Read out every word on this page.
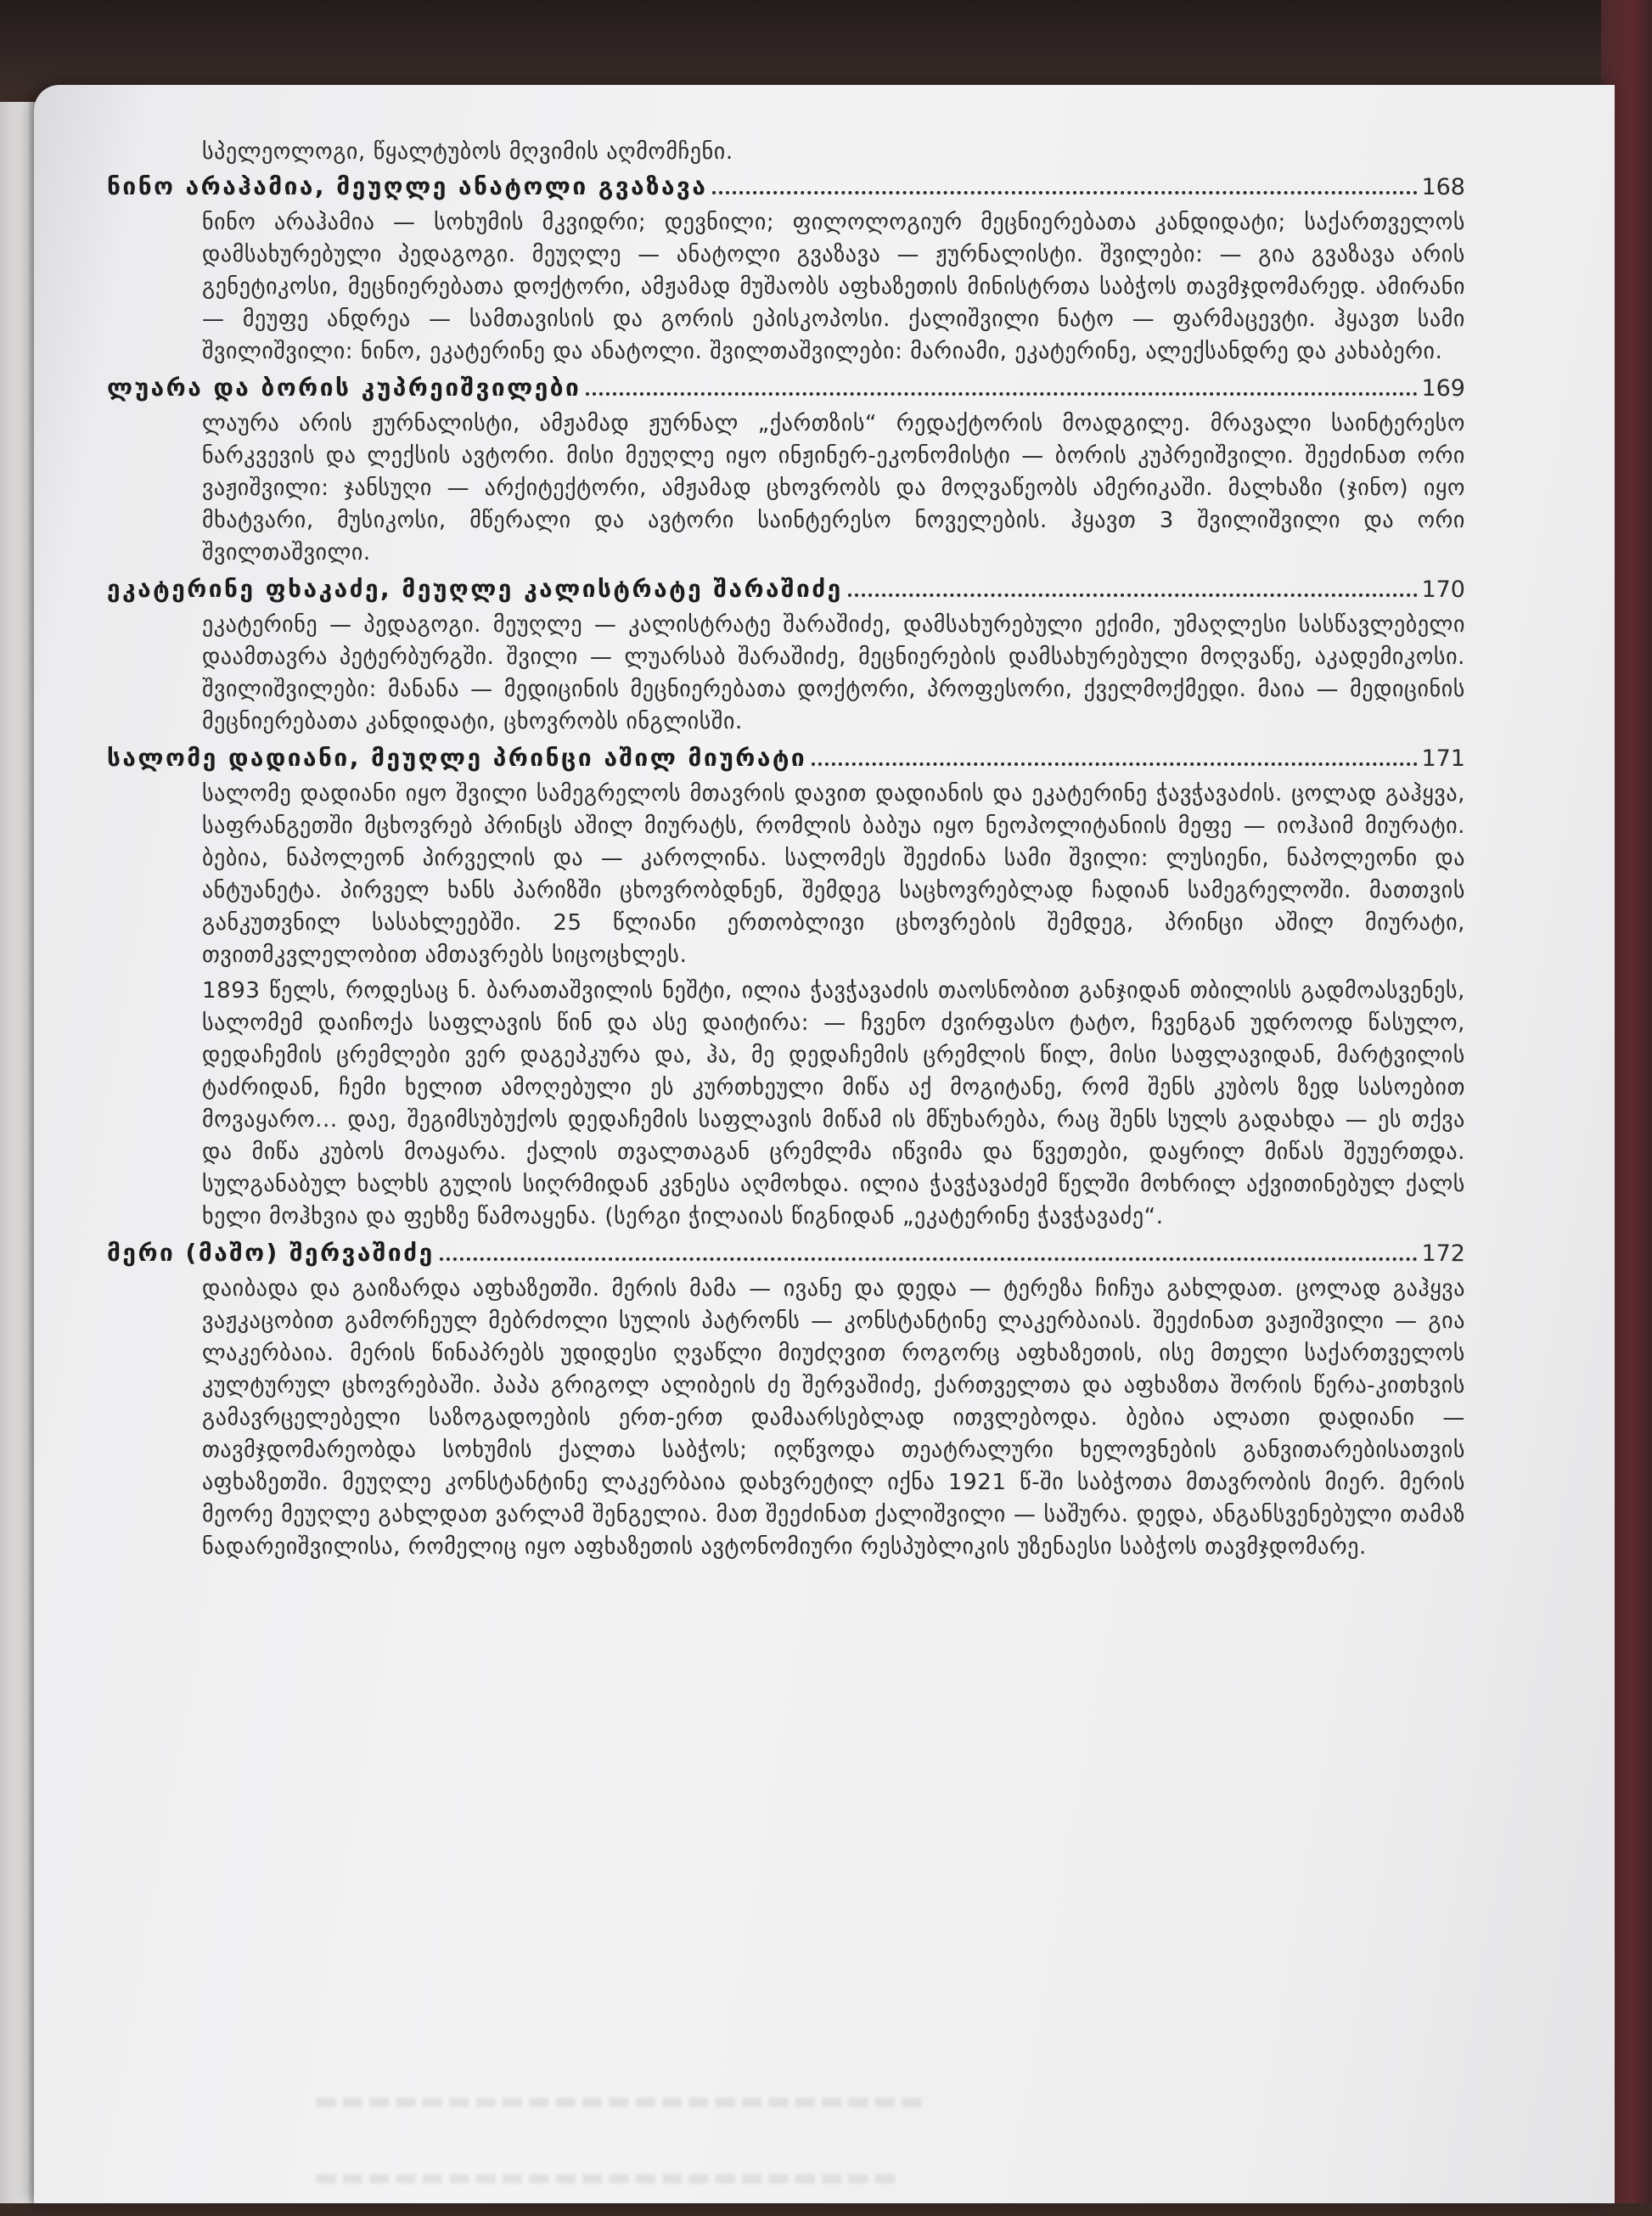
▬▬▬▬▬▬▬▬▬▬▬▬▬▬▬▬▬▬▬▬▬▬▬
▬▬▬▬▬▬▬▬▬▬▬▬▬▬▬▬▬▬▬▬▬▬
სპელეოლოგი, წყალტუბოს მღვიმის აღმომჩენი.
ნინო არაჰამია, მეუღლე ანატოლი გვაზავა	168
ნინო არაჰამია — სოხუმის მკვიდრი; დევნილი; ფილოლოგიურ მეცნიერებათა კანდიდატი; საქართველოს დამსახურებული პედაგოგი. მეუღლე — ანატოლი გვაზავა — ჟურნალისტი. შვილები: — გია გვაზავა არის გენეტიკოსი, მეცნიერებათა დოქტორი, ამჟამად მუშაობს აფხაზეთის მინისტრთა საბჭოს თავმჯდომარედ. ამირანი — მეუფე ანდრეა — სამთავისის და გორის ეპისკოპოსი. ქალიშვილი ნატო — ფარმაცევტი. ჰყავთ სამი შვილიშვილი: ნინო, ეკატერინე და ანატოლი. შვილთაშვილები: მარიამი, ეკატერინე, ალექსანდრე და კახაბერი.
ლუარა და ბორის კუპრეიშვილები	169
ლაურა არის ჟურნალისტი, ამჟამად ჟურნალ „ქართზის“ რედაქტორის მოადგილე. მრავალი საინტერესო ნარკვევის და ლექსის ავტორი. მისი მეუღლე იყო ინჟინერ-ეკონომისტი — ბორის კუპრეიშვილი. შეეძინათ ორი ვაჟიშვილი: ჯანსუღი — არქიტექტორი, ამჟამად ცხოვრობს და მოღვაწეობს ამერიკაში. მალხაზი (ჯინო) იყო მხატვარი, მუსიკოსი, მწერალი და ავტორი საინტერესო ნოველების. ჰყავთ 3 შვილიშვილი და ორი შვილთაშვილი.
ეკატერინე ფხაკაძე, მეუღლე კალისტრატე შარაშიძე	170
ეკატერინე — პედაგოგი. მეუღლე — კალისტრატე შარაშიძე, დამსახურებული ექიმი, უმაღლესი სასწავლებელი დაამთავრა პეტერბურგში. შვილი — ლუარსაბ შარაშიძე, მეცნიერების დამსახურებული მოღვაწე, აკადემიკოსი. შვილიშვილები: მანანა — მედიცინის მეცნიერებათა დოქტორი, პროფესორი, ქველმოქმედი. მაია — მედიცინის მეცნიერებათა კანდიდატი, ცხოვრობს ინგლისში.
სალომე დადიანი, მეუღლე პრინცი აშილ მიურატი	171
სალომე დადიანი იყო შვილი სამეგრელოს მთავრის დავით დადიანის და ეკატერინე ჭავჭავაძის. ცოლად გაჰყვა, საფრანგეთში მცხოვრებ პრინცს აშილ მიურატს, რომლის ბაბუა იყო ნეოპოლიტანიის მეფე — იოჰაიმ მიურატი. ბებია, ნაპოლეონ პირველის და — კაროლინა. სალომეს შეეძინა სამი შვილი: ლუსიენი, ნაპოლეონი და ანტუანეტა. პირველ ხანს პარიზში ცხოვრობდნენ, შემდეგ საცხოვრებლად ჩადიან სამეგრელოში. მათთვის განკუთვნილ სასახლეებში. 25 წლიანი ერთობლივი ცხოვრების შემდეგ, პრინცი აშილ მიურატი, თვითმკვლელობით ამთავრებს სიცოცხლეს.
1893 წელს, როდესაც ნ. ბარათაშვილის ნეშტი, ილია ჭავჭავაძის თაოსნობით განჯიდან თბილისს გადმოასვენეს, სალომემ დაიჩოქა საფლავის წინ და ასე დაიტირა: — ჩვენო ძვირფასო ტატო, ჩვენგან უდროოდ წასულო, დედაჩემის ცრემლები ვერ დაგეპკურა და, ჰა, მე დედაჩემის ცრემლის წილ, მისი საფლავიდან, მარტვილის ტაძრიდან, ჩემი ხელით ამოღებული ეს კურთხეული მიწა აქ მოგიტანე, რომ შენს კუბოს ზედ სასოებით მოვაყარო... დაე, შეგიმსუბუქოს დედაჩემის საფლავის მიწამ ის მწუხარება, რაც შენს სულს გადახდა — ეს თქვა და მიწა კუბოს მოაყარა. ქალის თვალთაგან ცრემლმა იწვიმა და წვეთები, დაყრილ მიწას შეუერთდა. სულგანაბულ ხალხს გულის სიღრმიდან კვნესა აღმოხდა. ილია ჭავჭავაძემ წელში მოხრილ აქვითინებულ ქალს ხელი მოჰხვია და ფეხზე წამოაყენა. (სერგი ჭილაიას წიგნიდან „ეკატერინე ჭავჭავაძე“.
მერი (მაშო) შერვაშიძე	172
დაიბადა და გაიზარდა აფხაზეთში. მერის მამა — ივანე და დედა — ტერეზა ჩიჩუა გახლდათ. ცოლად გაჰყვა ვაჟკაცობით გამორჩეულ მებრძოლი სულის პატრონს — კონსტანტინე ლაკერბაიას. შეეძინათ ვაჟიშვილი — გია ლაკერბაია. მერის წინაპრებს უდიდესი ღვაწლი მიუძღვით როგორც აფხაზეთის, ისე მთელი საქართველოს კულტურულ ცხოვრებაში. პაპა გრიგოლ ალიბეის ძე შერვაშიძე, ქართველთა და აფხაზთა შორის წერა-კითხვის გამავრცელებელი საზოგადოების ერთ-ერთ დამაარსებლად ითვლებოდა. ბებია ალათი დადიანი — თავმჯდომარეობდა სოხუმის ქალთა საბჭოს; იღწვოდა თეატრალური ხელოვნების განვითარებისათვის აფხაზეთში. მეუღლე კონსტანტინე ლაკერბაია დახვრეტილ იქნა 1921 წ-ში საბჭოთა მთავრობის მიერ. მერის მეორე მეუღლე გახლდათ ვარლამ შენგელია. მათ შეეძინათ ქალიშვილი — საშურა. დედა, ანგანსვენებული თამაზ ნადარეიშვილისა, რომელიც იყო აფხაზეთის ავტონომიური რესპუბლიკის უზენაესი საბჭოს თავმჯდომარე.
